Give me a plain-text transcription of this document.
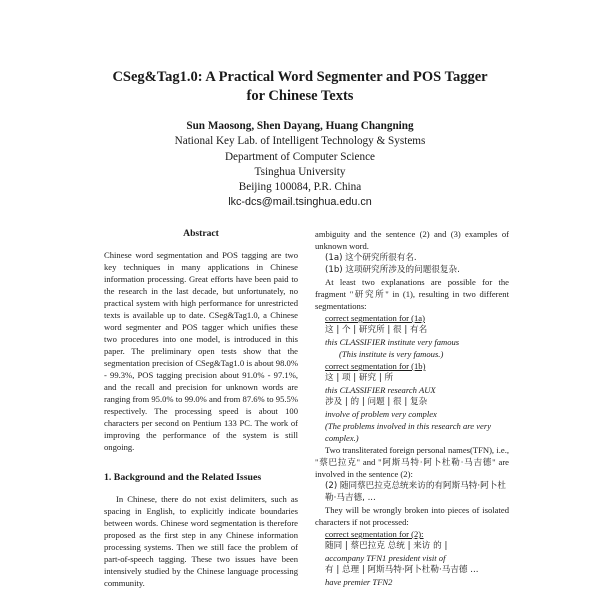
CSeg&Tag1.0: A Practical Word Segmenter and POS Tagger
for Chinese Texts
Sun Maosong, Shen Dayang, Huang Changning
National Key Lab. of Intelligent Technology & Systems
Department of Computer Science
Tsinghua University
Beijing 100084, P.R. China
lkc-dcs@mail.tsinghua.edu.cn
Abstract

Chinese word segmentation and POS tagging are two key techniques in many applications in Chinese information processing. Great efforts have been paid to the research in the last decade, but unfortunately, no practical system with high performance for unrestricted texts is available up to date. CSeg&Tag1.0, a Chinese word segmenter and POS tagger which unifies these two procedures into one model, is introduced in this paper. The preliminary open tests show that the segmentation precision of CSeg&Tag1.0 is about 98.0% - 99.3%, POS tagging precision about 91.0% - 97.1%, and the recall and precision for unknown words are ranging from 95.0% to 99.0% and from 87.6% to 95.5% respectively. The processing speed is about 100 characters per second on Pentium 133 PC. The work of improving the performance of the system is still ongoing.

1. Background and the Related Issues

In Chinese, there do not exist delimiters, such as spacing in English, to explicitly indicate boundaries between words. Chinese word segmentation is therefore proposed as the first step in any Chinese information processing systems. Then we still face the problem of part-of-speech tagging. These two issues have been intensively studied by the Chinese language processing community.

ambiguity and the sentence (2) and (3) examples of unknown word.

(1a) 这个研究所很有名.

(1b) 这项研究所涉及的问题很复杂.

At least two explanations are possible for the fragment "研究所" in (1), resulting in two different segmentations:

correct segmentation for (1a)
这 | 个 | 研究所 | 很 | 有名
this CLASSIFIER institute very famous
(This institute is very famous.)
correct segmentation for (1b)
这 | 项 | 研究 | 所
this CLASSIFIER research AUX
涉及 | 的 | 问题 | 很 | 复杂
involve of problem very complex
(The problems involved in this research are very complex.)

Two transliterated foreign personal names(TFN), i.e., "蔡巴拉克" and "阿斯马特·阿卜杜勒·马吉德" are involved in the sentence (2):

(2) 随同蔡巴拉克总统来访的有阿斯马特·阿卜杜勒·马吉德, ...

They will be wrongly broken into pieces of isolated characters if not processed:

correct segmentation for (2):
随同 | 蔡巴拉克 总统 | 来访 的 |
accompany TFN1 president visit of
有 | 总理 | 阿斯马特·阿卜杜勒·马吉德 ...
have premier TFN2
